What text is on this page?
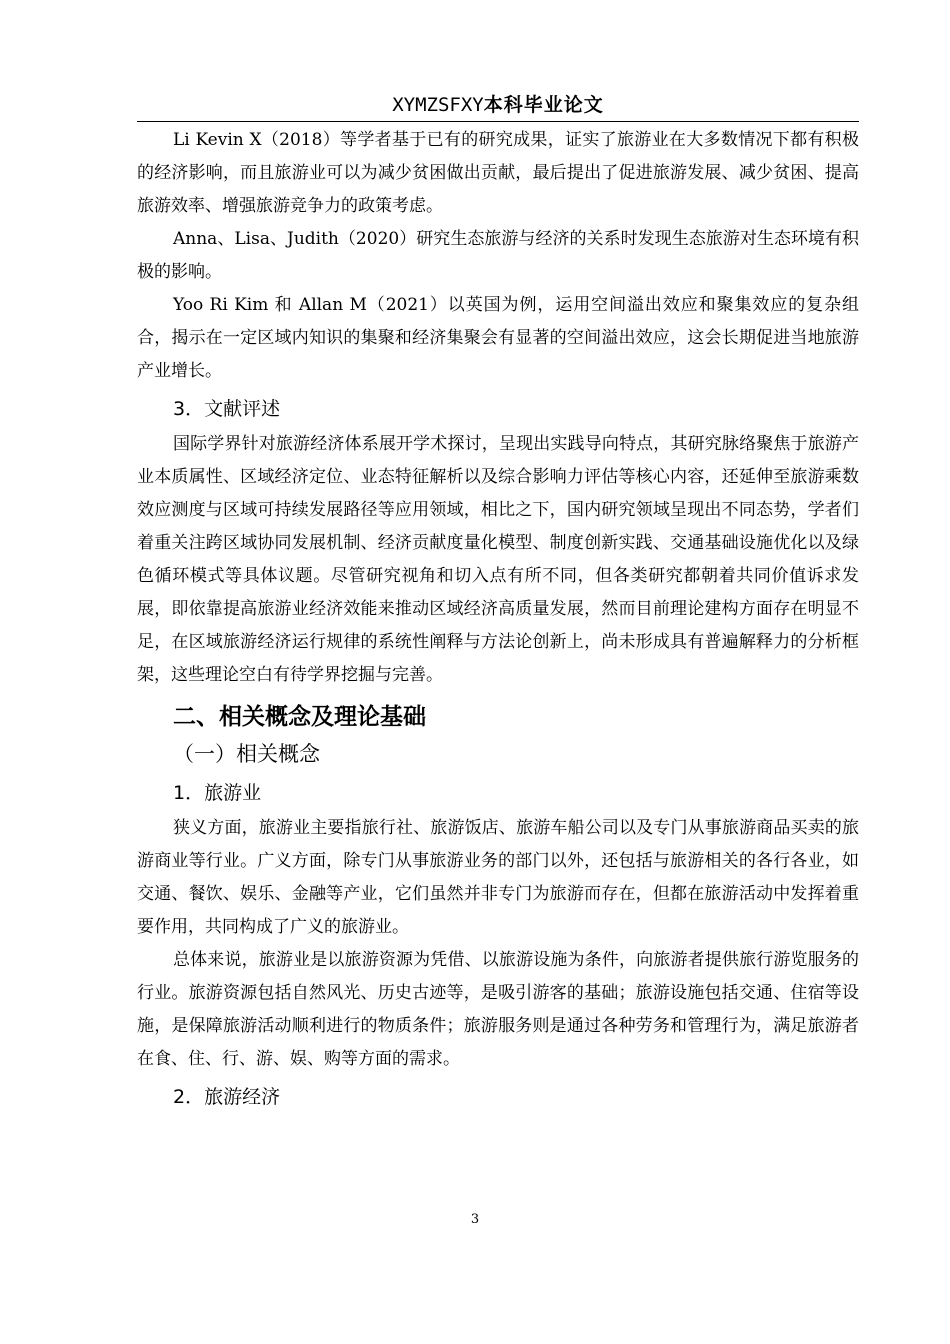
XYMZSFXY本科毕业论文

Li Kevin X（2018）等学者基于已有的研究成果，证实了旅游业在大多数情况下都有积极的经济影响，而且旅游业可以为减少贫困做出贡献，最后提出了促进旅游发展、减少贫困、提高旅游效率、增强旅游竞争力的政策考虑。

Anna、Lisa、Judith（2020）研究生态旅游与经济的关系时发现生态旅游对生态环境有积极的影响。

Yoo Ri Kim 和 Allan M（2021）以英国为例，运用空间溢出效应和聚集效应的复杂组合，揭示在一定区域内知识的集聚和经济集聚会有显著的空间溢出效应，这会长期促进当地旅游产业增长。

3．文献评述

国际学界针对旅游经济体系展开学术探讨，呈现出实践导向特点，其研究脉络聚焦于旅游产业本质属性、区域经济定位、业态特征解析以及综合影响力评估等核心内容，还延伸至旅游乘数效应测度与区域可持续发展路径等应用领域，相比之下，国内研究领域呈现出不同态势，学者们着重关注跨区域协同发展机制、经济贡献度量化模型、制度创新实践、交通基础设施优化以及绿色循环模式等具体议题。尽管研究视角和切入点有所不同，但各类研究都朝着共同价值诉求发展，即依靠提高旅游业经济效能来推动区域经济高质量发展，然而目前理论建构方面存在明显不足，在区域旅游经济运行规律的系统性阐释与方法论创新上，尚未形成具有普遍解释力的分析框架，这些理论空白有待学界挖掘与完善。

二、相关概念及理论基础
（一）相关概念
1．旅游业

狭义方面，旅游业主要指旅行社、旅游饭店、旅游车船公司以及专门从事旅游商品买卖的旅游商业等行业。广义方面，除专门从事旅游业务的部门以外，还包括与旅游相关的各行各业，如交通、餐饮、娱乐、金融等产业，它们虽然并非专门为旅游而存在，但都在旅游活动中发挥着重要作用，共同构成了广义的旅游业。

总体来说，旅游业是以旅游资源为凭借、以旅游设施为条件，向旅游者提供旅行游览服务的行业。旅游资源包括自然风光、历史古迹等，是吸引游客的基础；旅游设施包括交通、住宿等设施，是保障旅游活动顺利进行的物质条件；旅游服务则是通过各种劳务和管理行为，满足旅游者在食、住、行、游、娱、购等方面的需求。

2．旅游经济
3
